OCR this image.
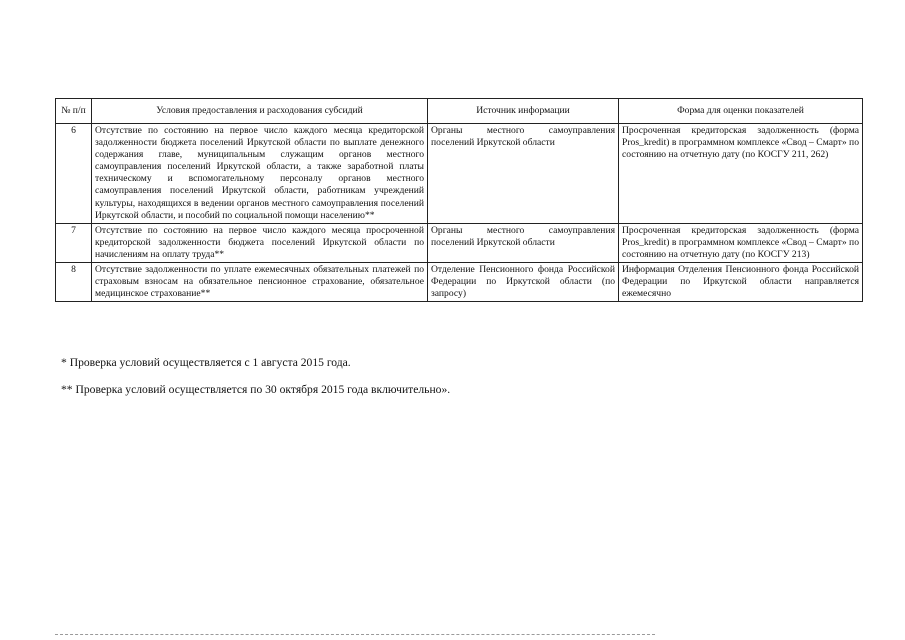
№ п/п	Условия предоставления и расходования субсидий	Источник информации	Форма для оценки показателей
6	Отсутствие по состоянию на первое число каждого месяца кредиторской задолженности бюджета поселений Иркутской области по выплате денежного содержания главе, муниципальным служащим органов местного самоуправления поселений Иркутской области, а также заработной платы техническому и вспомогательному персоналу органов местного самоуправления поселений Иркутской области, работникам учреждений культуры, находящихся в ведении органов местного самоуправления поселений Иркутской области, и пособий по социальной помощи населению**	Органы местного самоуправления поселений Иркутской области	Просроченная кредиторская задолженность (форма Pros_kredit) в программном комплексе «Свод – Смарт» по состоянию на отчетную дату (по КОСГУ 211, 262)
7	Отсутствие по состоянию на первое число каждого месяца просроченной кредиторской задолженности бюджета поселений Иркутской области по начислениям на оплату труда**	Органы местного самоуправления поселений Иркутской области	Просроченная кредиторская задолженность (форма Pros_kredit) в программном комплексе «Свод – Смарт» по состоянию на отчетную дату (по КОСГУ 213)
8	Отсутствие задолженности по уплате ежемесячных обязательных платежей по страховым взносам на обязательное пенсионное страхование, обязательное медицинское страхование**	Отделение Пенсионного фонда Российской Федерации по Иркутской области (по запросу)	Информация Отделения Пенсионного фонда Российской Федерации по Иркутской области направляется ежемесячно
* Проверка условий осуществляется с 1 августа 2015 года.
** Проверка условий осуществляется по 30 октября 2015 года включительно».
